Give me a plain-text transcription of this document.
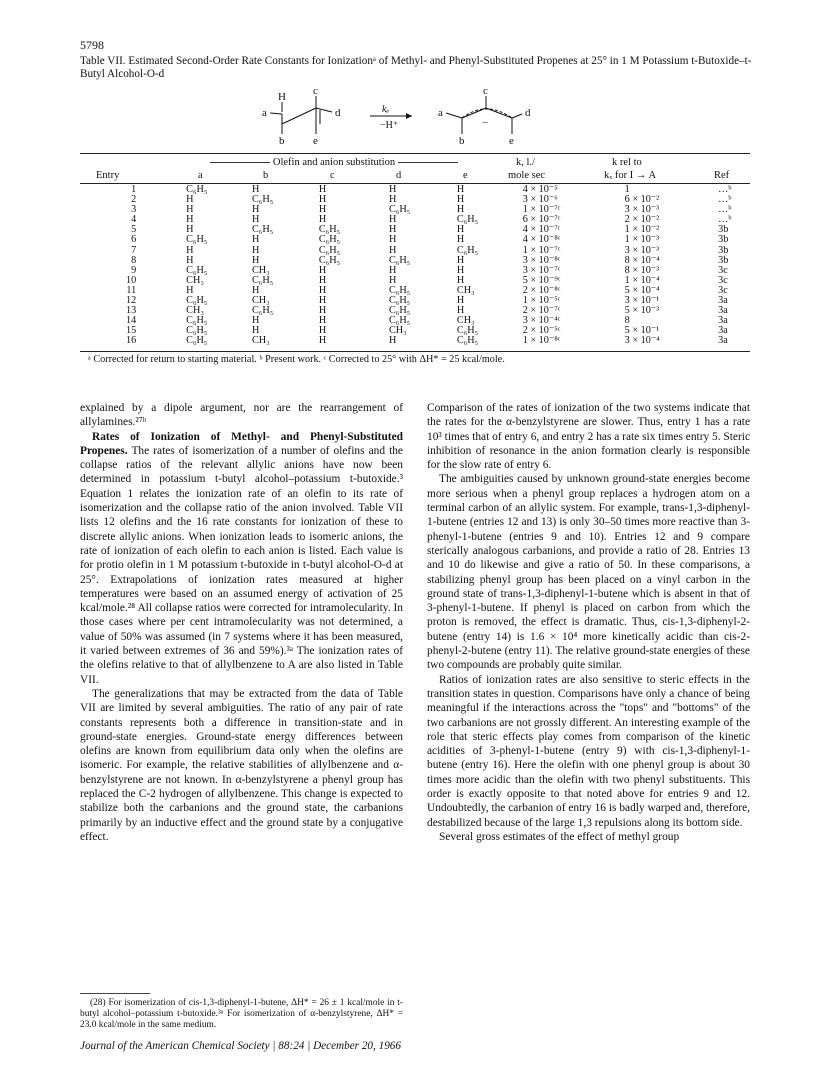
5798
Table VII. Estimated Second-Order Rate Constants for Ionizationᵃ of Methyl- and Phenyl-Substituted Propenes at 25° in 1 M Potassium t-Butoxide–t-Butyl Alcohol-O-d
c
H
a	d
b	e
kₑ
−H⁺
c
a
−
d
b	e
Olefin and anion substitution	k, l./	k rel to
Entry	a	b	c	d	e	mole sec	kₓ for I → A	Ref
1	C₆H₅	H	H	H	H	4 × 10⁻⁵	1	…ᵇ
2	H	C₆H₅	H	H	H	3 × 10⁻⁶	6 × 10⁻²	…ᵇ
3	H	H	H	C₆H₅	H	1 × 10⁻⁷ᶜ	3 × 10⁻³	…ᵇ
4	H	H	H	H	C₆H₅	6 × 10⁻⁷ᶜ	2 × 10⁻²	…ᵇ
5	H	C₆H₅	C₆H₅	H	H	4 × 10⁻⁷ᶜ	1 × 10⁻²	3b
6	C₆H₅	H	C₆H₅	H	H	4 × 10⁻⁸ᶜ	1 × 10⁻³	3b
7	H	H	C₆H₅	H	C₆H₅	1 × 10⁻⁷ᶜ	3 × 10⁻³	3b
8	H	H	C₆H₅	C₆H₅	H	3 × 10⁻⁸ᶜ	8 × 10⁻⁴	3b
9	C₆H₅	CH₃	H	H	H	3 × 10⁻⁷ᶜ	8 × 10⁻³	3c
10	CH₃	C₆H₅	H	H	H	5 × 10⁻⁹ᶜ	1 × 10⁻⁴	3c
11	H	H	H	C₆H₅	CH₃	2 × 10⁻⁸ᶜ	5 × 10⁻⁴	3c
12	C₆H₅	CH₃	H	C₆H₅	H	1 × 10⁻⁵ᶜ	3 × 10⁻¹	3a
13	CH₃	C₆H₅	H	C₆H₅	H	2 × 10⁻⁷ᶜ	5 × 10⁻³	3a
14	C₆H₅	H	H	C₆H₅	CH₃	3 × 10⁻⁴ᶜ	8	3a
15	C₆H₅	H	H	CH₃	C₆H₅	2 × 10⁻⁵ᶜ	5 × 10⁻¹	3a
16	C₆H₅	CH₃	H	H	C₆H₅	1 × 10⁻⁸ᶜ	3 × 10⁻⁴	3a
ᵃ Corrected for return to starting material. ᵇ Present work. ᶜ Corrected to 25° with ΔH* = 25 kcal/mole.

explained by a dipole argument, nor are the rearrangement of allylamines.²⁷ᵇ

Rates of Ionization of Methyl- and Phenyl-Substituted Propenes. The rates of isomerization of a number of olefins and the collapse ratios of the relevant allylic anions have now been determined in potassium t-butyl alcohol–potassium t-butoxide.³ Equation 1 relates the ionization rate of an olefin to its rate of isomerization and the collapse ratio of the anion involved. Table VII lists 12 olefins and the 16 rate constants for ionization of these to discrete allylic anions. When ionization leads to isomeric anions, the rate of ionization of each olefin to each anion is listed. Each value is for protio olefin in 1 M potassium t-butoxide in t-butyl alcohol-O-d at 25°. Extrapolations of ionization rates measured at higher temperatures were based on an assumed energy of activation of 25 kcal/mole.²⁸ All collapse ratios were corrected for intramolecularity. In those cases where per cent intramolecularity was not determined, a value of 50% was assumed (in 7 systems where it has been measured, it varied between extremes of 36 and 59%).³ᵃ The ionization rates of the olefins relative to that of allylbenzene to A are also listed in Table VII.

The generalizations that may be extracted from the data of Table VII are limited by several ambiguities. The ratio of any pair of rate constants represents both a difference in transition-state and in ground-state energies. Ground-state energy differences between olefins are known from equilibrium data only when the olefins are isomeric. For example, the relative stabilities of allylbenzene and α-benzylstyrene are not known. In α-benzylstyrene a phenyl group has replaced the C-2 hydrogen of allylbenzene. This change is expected to stabilize both the carbanions and the ground state, the carbanions primarily by an inductive effect and the ground state by a conjugative effect.

(28) For isomerization of cis-1,3-diphenyl-1-butene, ΔH* = 26 ± 1 kcal/mole in t-butyl alcohol–potassium t-butoxide.³ᵃ For isomerization of α-benzylstyrene, ΔH* = 23.0 kcal/mole in the same medium.

Comparison of the rates of ionization of the two systems indicate that the rates for the α-benzylstyrene are slower. Thus, entry 1 has a rate 10³ times that of entry 6, and entry 2 has a rate six times entry 5. Steric inhibition of resonance in the anion formation clearly is responsible for the slow rate of entry 6.

The ambiguities caused by unknown ground-state energies become more serious when a phenyl group replaces a hydrogen atom on a terminal carbon of an allylic system. For example, trans-1,3-diphenyl-1-butene (entries 12 and 13) is only 30–50 times more reactive than 3-phenyl-1-butene (entries 9 and 10). Entries 12 and 9 compare sterically analogous carbanions, and provide a ratio of 28. Entries 13 and 10 do likewise and give a ratio of 50. In these comparisons, a stabilizing phenyl group has been placed on a vinyl carbon in the ground state of trans-1,3-diphenyl-1-butene which is absent in that of 3-phenyl-1-butene. If phenyl is placed on carbon from which the proton is removed, the effect is dramatic. Thus, cis-1,3-diphenyl-2-butene (entry 14) is 1.6 × 10⁴ more kinetically acidic than cis-2-phenyl-2-butene (entry 11). The relative ground-state energies of these two compounds are probably quite similar.

Ratios of ionization rates are also sensitive to steric effects in the transition states in question. Comparisons have only a chance of being meaningful if the interactions across the "tops" and "bottoms" of the two carbanions are not grossly different. An interesting example of the role that steric effects play comes from comparison of the kinetic acidities of 3-phenyl-1-butene (entry 9) with cis-1,3-diphenyl-1-butene (entry 16). Here the olefin with one phenyl group is about 30 times more acidic than the olefin with two phenyl substituents. This order is exactly opposite to that noted above for entries 9 and 12. Undoubtedly, the carbanion of entry 16 is badly warped and, therefore, destabilized because of the large 1,3 repulsions along its bottom side.

Several gross estimates of the effect of methyl group

Journal of the American Chemical Society | 88:24 | December 20, 1966
